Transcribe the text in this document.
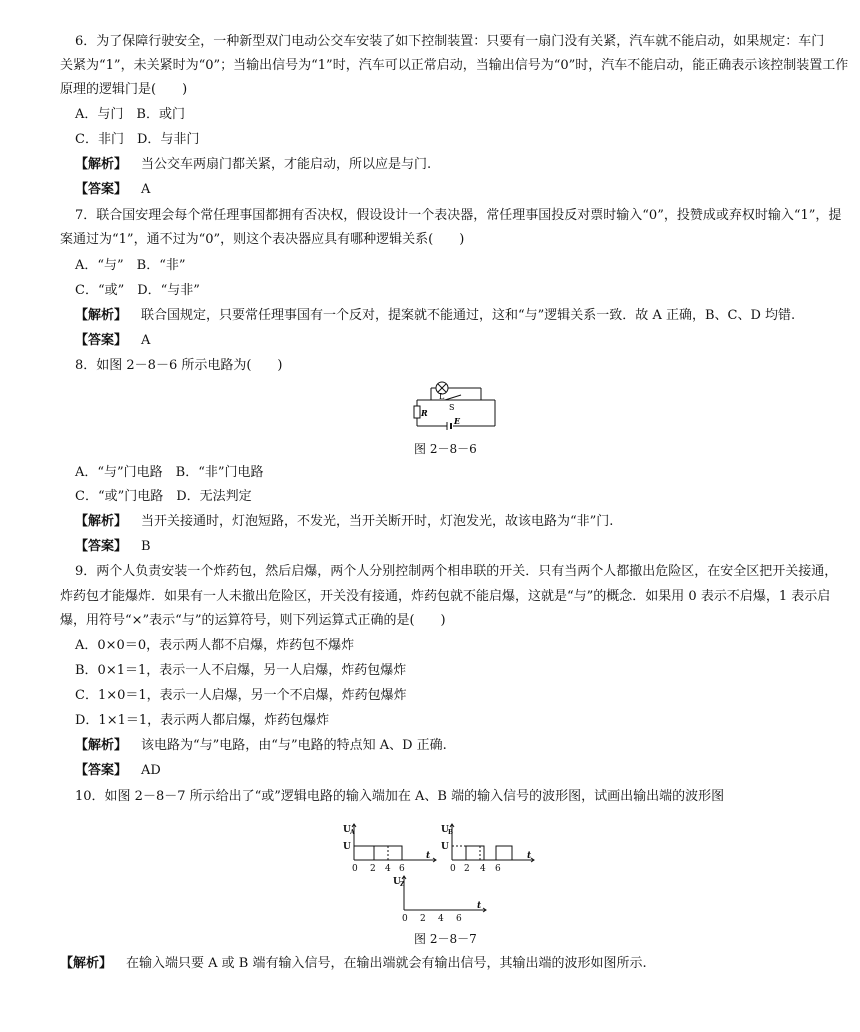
6．为了保障行驶安全，一种新型双门电动公交车安装了如下控制装置：只要有一扇门没有关紧，汽车就不能启动，如果规定：车门
关紧为“1”，未关紧时为“0”；当输出信号为“1”时，汽车可以正常启动，当输出信号为“0”时，汽车不能启动，能正确表示该控制装置工作
原理的逻辑门是(　　)
A．与门　B．或门
C．非门　D．与非门
【解析】 当公交车两扇门都关紧，才能启动，所以应是与门.
【答案】 A
7．联合国安理会每个常任理事国都拥有否决权，假设设计一个表决器，常任理事国投反对票时输入“0”，投赞成或弃权时输入“1”，提
案通过为“1”，通不过为“0”，则这个表决器应具有哪种逻辑关系(　　)
A．“与”　B．“非”
C．“或”　D．“与非”
【解析】 联合国规定，只要常任理事国有一个反对，提案就不能通过，这和“与”逻辑关系一致．故 A 正确，B、C、D 均错.
【答案】 A
8．如图 2－8－6 所示电路为(　　)
L
S
R
E
图 2－8－6
A．“与”门电路　B．“非”门电路
C．“或”门电路　D．无法判定
【解析】 当开关接通时，灯泡短路，不发光，当开关断开时，灯泡发光，故该电路为“非”门.
【答案】 B
9．两个人负责安装一个炸药包，然后启爆，两个人分别控制两个相串联的开关．只有当两个人都撤出危险区，在安全区把开关接通，
炸药包才能爆炸．如果有一人未撤出危险区，开关没有接通，炸药包就不能启爆，这就是“与”的概念．如果用 0 表示不启爆，1 表示启
爆，用符号“×”表示“与”的运算符号，则下列运算式正确的是(　　)
A．0×0＝0，表示两人都不启爆，炸药包不爆炸
B．0×1＝1，表示一人不启爆，另一人启爆，炸药包爆炸
C．1×0＝1，表示一人启爆，另一个不启爆，炸药包爆炸
D．1×1＝1，表示两人都启爆，炸药包爆炸
【解析】 该电路为“与”电路，由“与”电路的特点知 A、D 正确.
【答案】 AD
10．如图 2－8－7 所示给出了“或”逻辑电路的输入端加在 A、B 端的输入信号的波形图，试画出输出端的波形图
U A
U
0 2 4 6
t
U B
U
0 2 4 6
t
U Z
0 2 4 6
t
图 2－8－7
【解析】 在输入端只要 A 或 B 端有输入信号，在输出端就会有输出信号，其输出端的波形如图所示.
